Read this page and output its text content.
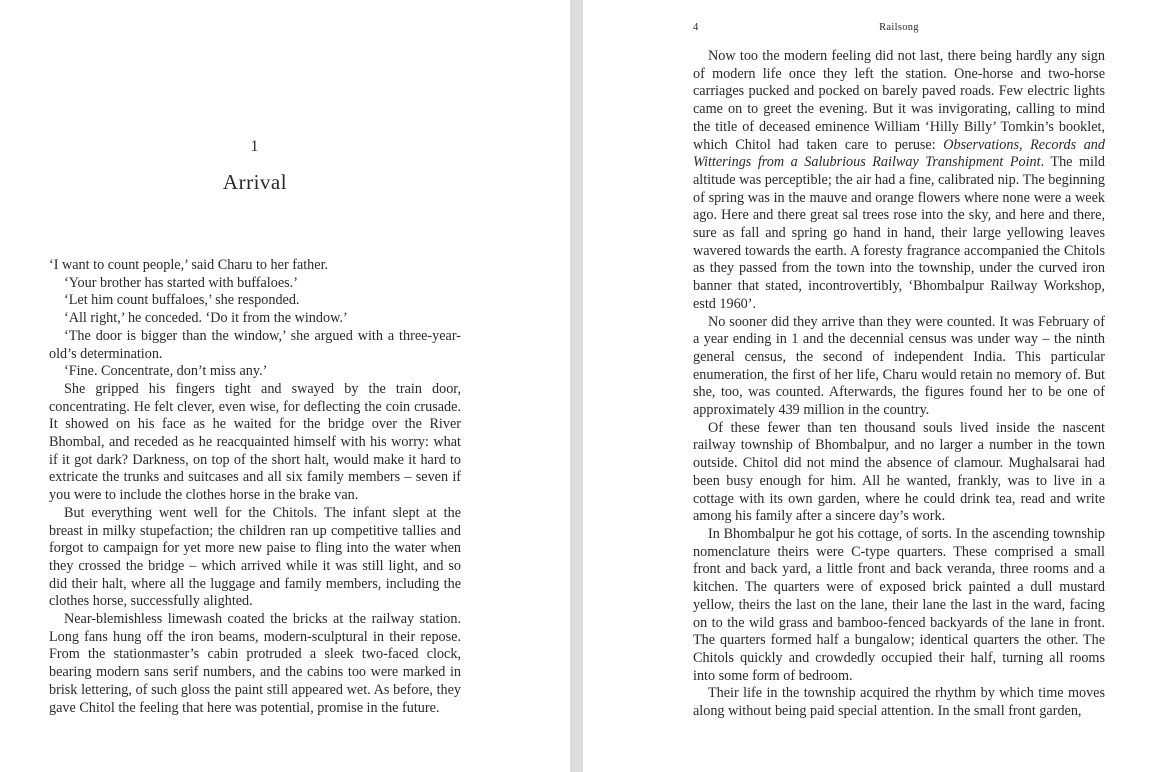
1
Arrival

‘I want to count people,’ said Charu to her father.

‘Your brother has started with buffaloes.’

‘Let him count buffaloes,’ she responded.

‘All right,’ he conceded. ‘Do it from the window.’

‘The door is bigger than the window,’ she argued with a three-year-old’s determination.

‘Fine. Concentrate, don’t miss any.’

She gripped his fingers tight and swayed by the train door, concentrating. He felt clever, even wise, for deflecting the coin crusade. It showed on his face as he waited for the bridge over the River Bhombal, and receded as he reacquainted himself with his worry: what if it got dark? Darkness, on top of the short halt, would make it hard to extricate the trunks and suitcases and all six family members – seven if you were to include the clothes horse in the brake van.

But everything went well for the Chitols. The infant slept at the breast in milky stupefaction; the children ran up competitive tallies and forgot to campaign for yet more new paise to fling into the water when they crossed the bridge – which arrived while it was still light, and so did their halt, where all the luggage and family members, including the clothes horse, successfully alighted.

Near-blemishless limewash coated the bricks at the railway station. Long fans hung off the iron beams, modern-sculptural in their repose. From the stationmaster’s cabin protruded a sleek two-faced clock, bearing modern sans serif numbers, and the cabins too were marked in brisk lettering, of such gloss the paint still appeared wet. As before, they gave Chitol the feeling that here was potential, promise in the future.

4	Railsong

Now too the modern feeling did not last, there being hardly any sign of modern life once they left the station. One-horse and two-horse carriages pucked and pocked on barely paved roads. Few electric lights came on to greet the evening. But it was invigorating, calling to mind the title of deceased eminence William ‘Hilly Billy’ Tomkin’s booklet, which Chitol had taken care to peruse: Observations, Records and Witterings from a Salubrious Railway Transhipment Point. The mild altitude was perceptible; the air had a fine, calibrated nip. The beginning of spring was in the mauve and orange flowers where none were a week ago. Here and there great sal trees rose into the sky, and here and there, sure as fall and spring go hand in hand, their large yellowing leaves wavered towards the earth. A foresty fragrance accompanied the Chitols as they passed from the town into the township, under the curved iron banner that stated, incontrovertibly, ‘Bhombalpur Railway Workshop, estd 1960’.

No sooner did they arrive than they were counted. It was February of a year ending in 1 and the decennial census was under way – the ninth general census, the second of independent India. This particular enumeration, the first of her life, Charu would retain no memory of. But she, too, was counted. Afterwards, the figures found her to be one of approximately 439 million in the country.

Of these fewer than ten thousand souls lived inside the nascent railway township of Bhombalpur, and no larger a number in the town outside. Chitol did not mind the absence of clamour. Mughalsarai had been busy enough for him. All he wanted, frankly, was to live in a cottage with its own garden, where he could drink tea, read and write among his family after a sincere day’s work.

In Bhombalpur he got his cottage, of sorts. In the ascending township nomenclature theirs were C-type quarters. These comprised a small front and back yard, a little front and back veranda, three rooms and a kitchen. The quarters were of exposed brick painted a dull mustard yellow, theirs the last on the lane, their lane the last in the ward, facing on to the wild grass and bamboo-fenced backyards of the lane in front. The quarters formed half a bungalow; identical quarters the other. The Chitols quickly and crowdedly occupied their half, turning all rooms into some form of bedroom.

Their life in the township acquired the rhythm by which time moves along without being paid special attention. In the small front garden,
